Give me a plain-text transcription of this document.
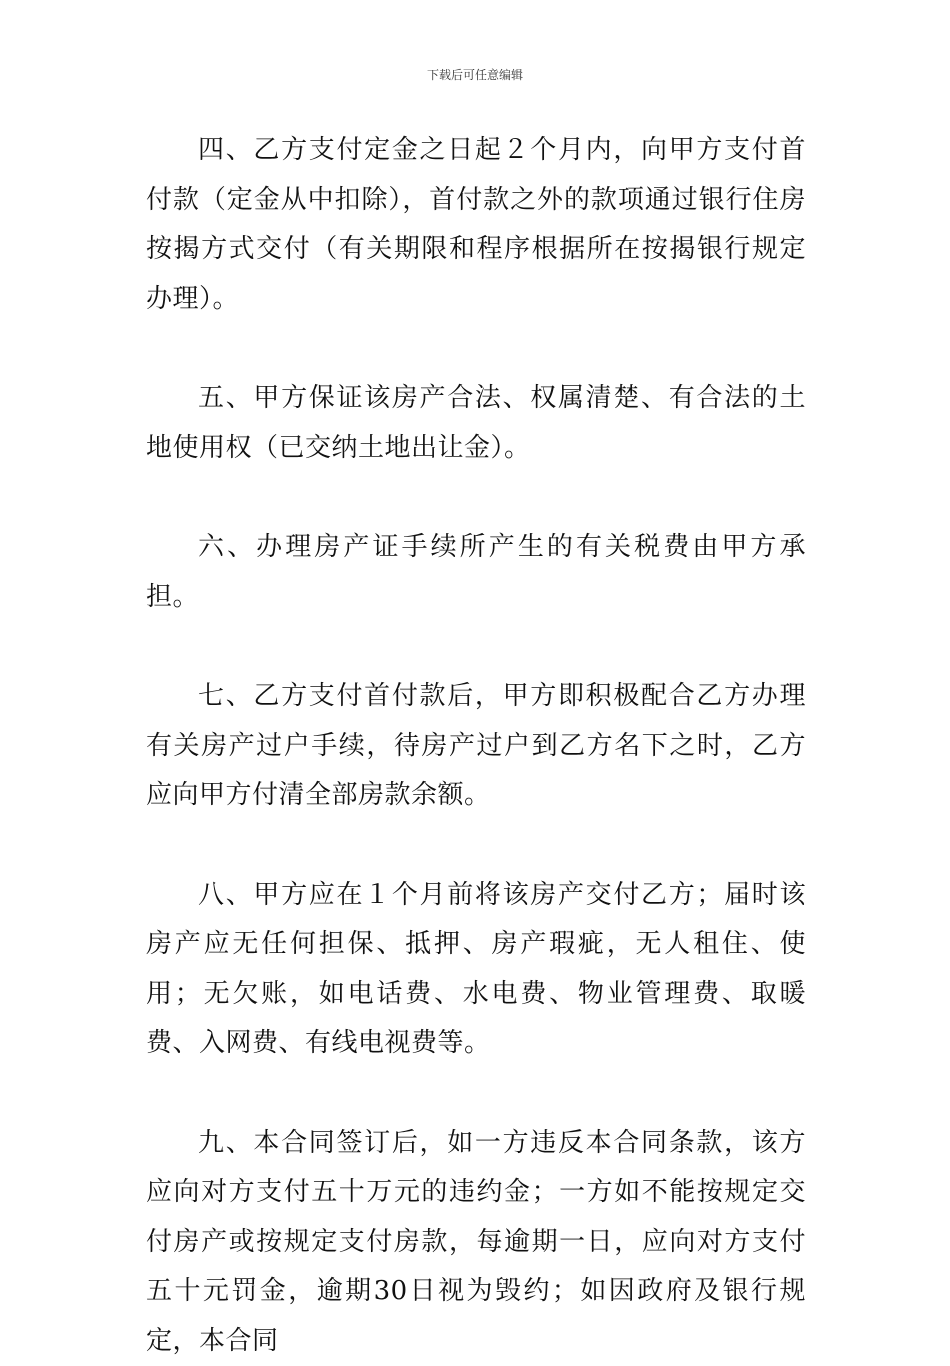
下载后可任意编辑

四、乙方支付定金之日起２个月内，向甲方支付首付款（定金从中扣除），首付款之外的款项通过银行住房按揭方式交付（有关期限和程序根据所在按揭银行规定办理）。

五、甲方保证该房产合法、权属清楚、有合法的土地使用权（已交纳土地出让金）。

六、办理房产证手续所产生的有关税费由甲方承担。

七、乙方支付首付款后，甲方即积极配合乙方办理有关房产过户手续，待房产过户到乙方名下之时，乙方应向甲方付清全部房款余额。

八、甲方应在１个月前将该房产交付乙方；届时该房产应无任何担保、抵押、房产瑕疵，无人租住、使用；无欠账，如电话费、水电费、物业管理费、取暖费、入网费、有线电视费等。

九、本合同签订后，如一方违反本合同条款，该方应向对方支付五十万元的违约金；一方如不能按规定交付房产或按规定支付房款，每逾期一日，应向对方支付五十元罚金，逾期30日视为毁约；如因政府及银行规定，本合同
